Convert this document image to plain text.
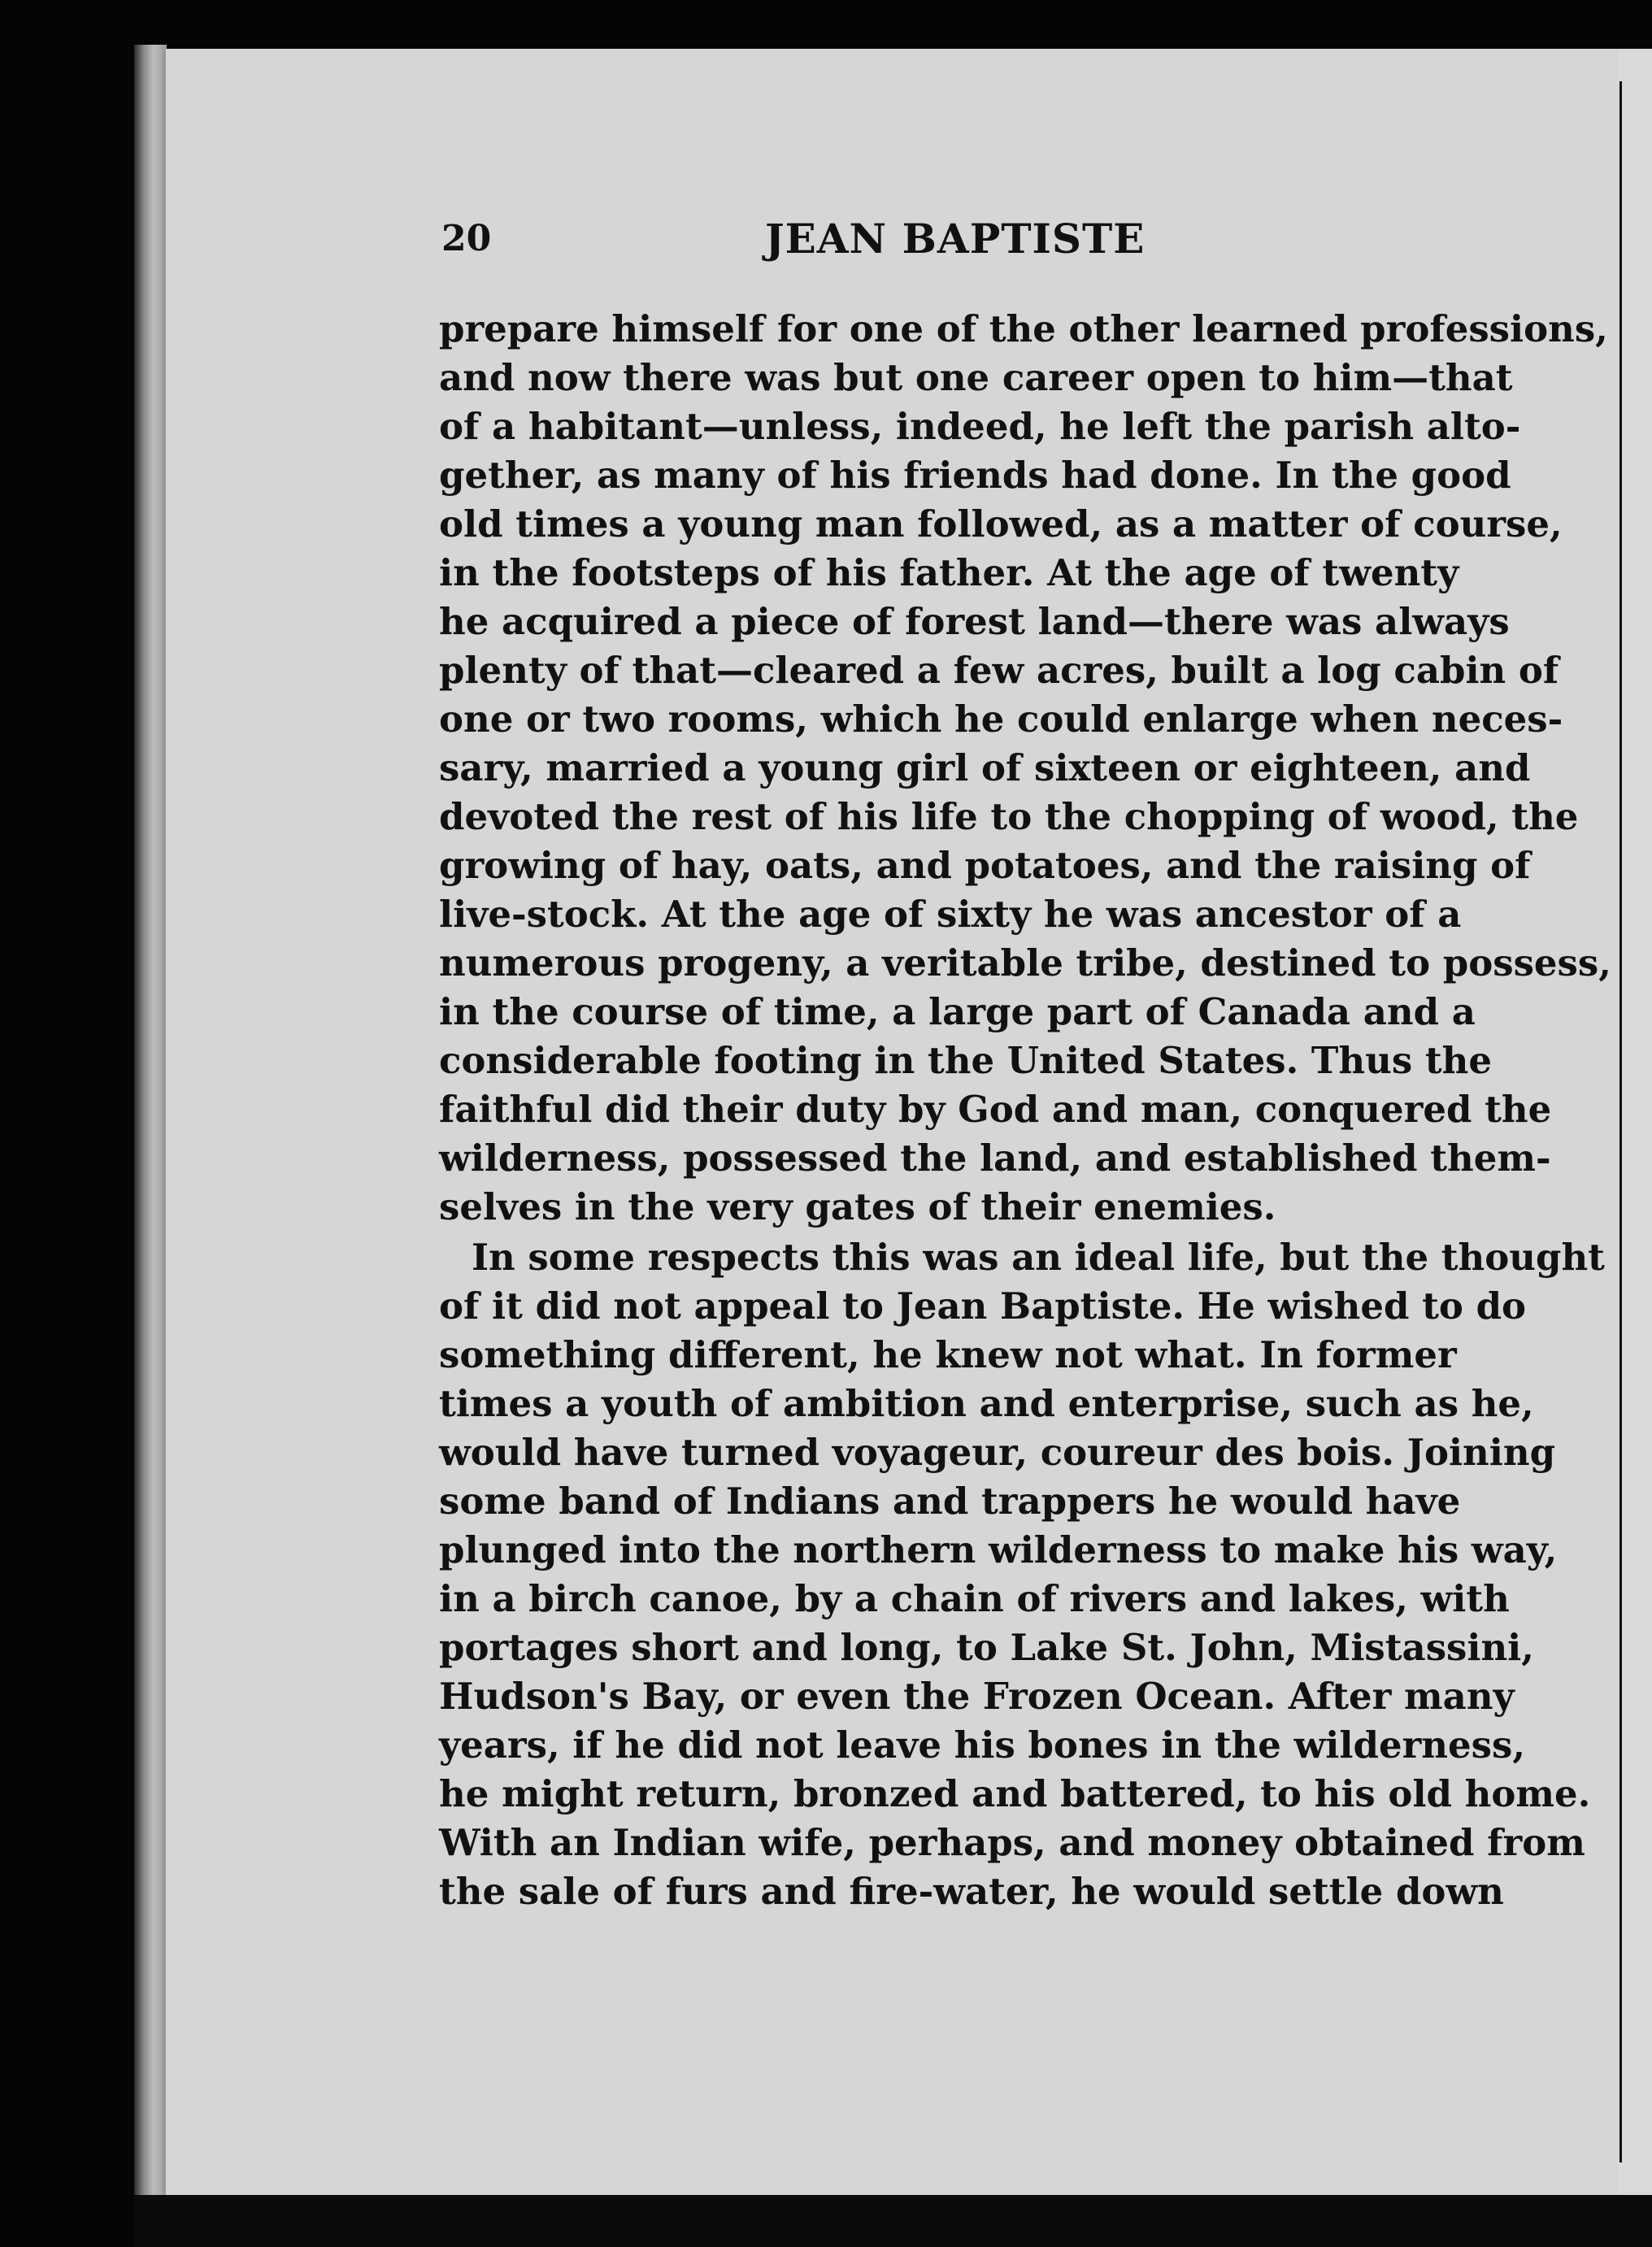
20	JEAN BAPTISTE
prepare himself for one of the other learned professions,
and now there was but one career open to him—that
of a habitant—unless, indeed, he left the parish alto-
gether, as many of his friends had done. In the good
old times a young man followed, as a matter of course,
in the footsteps of his father. At the age of twenty
he acquired a piece of forest land—there was always
plenty of that—cleared a few acres, built a log cabin of
one or two rooms, which he could enlarge when neces-
sary, married a young girl of sixteen or eighteen, and
devoted the rest of his life to the chopping of wood, the
growing of hay, oats, and potatoes, and the raising of
live-stock. At the age of sixty he was ancestor of a
numerous progeny, a veritable tribe, destined to possess,
in the course of time, a large part of Canada and a
considerable footing in the United States. Thus the
faithful did their duty by God and man, conquered the
wilderness, possessed the land, and established them-
selves in the very gates of their enemies.
In some respects this was an ideal life, but the thought
of it did not appeal to Jean Baptiste. He wished to do
something different, he knew not what. In former
times a youth of ambition and enterprise, such as he,
would have turned voyageur, coureur des bois. Joining
some band of Indians and trappers he would have
plunged into the northern wilderness to make his way,
in a birch canoe, by a chain of rivers and lakes, with
portages short and long, to Lake St. John, Mistassini,
Hudson's Bay, or even the Frozen Ocean. After many
years, if he did not leave his bones in the wilderness,
he might return, bronzed and battered, to his old home.
With an Indian wife, perhaps, and money obtained from
the sale of furs and fire-water, he would settle down
